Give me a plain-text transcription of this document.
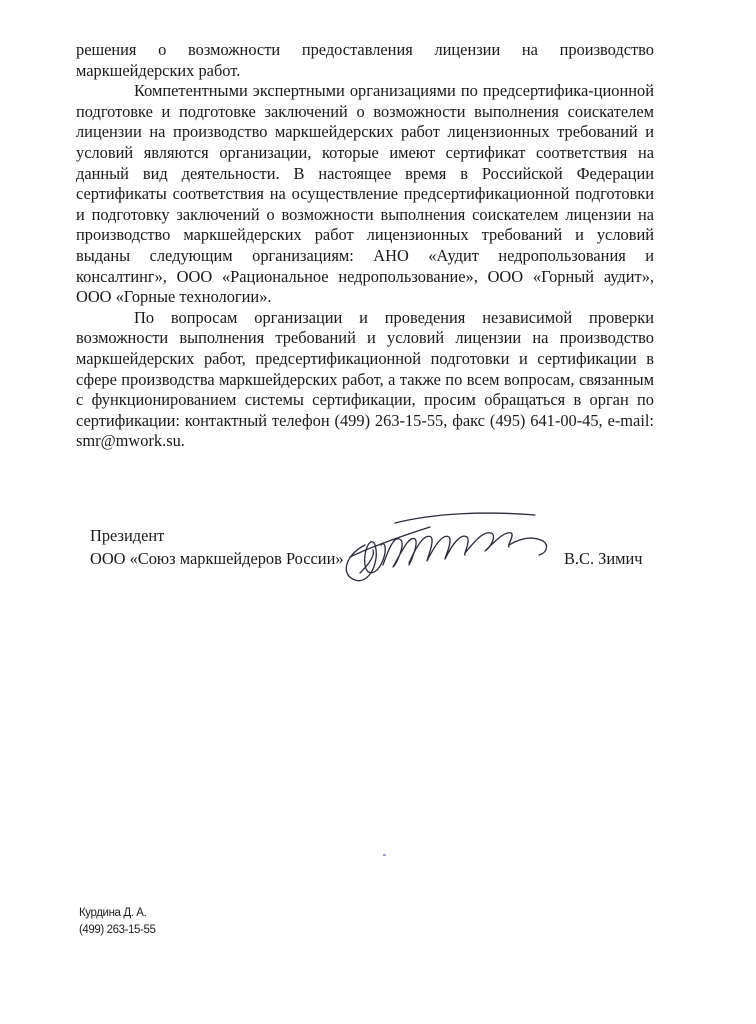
решения о возможности предоставления лицензии на производство маркшейдерских работ.

Компетентными экспертными организациями по предсертифика-ционной подготовке и подготовке заключений о возможности выполнения соискателем лицензии на производство маркшейдерских работ лицензионных требований и условий являются организации, которые имеют сертификат соответствия на данный вид деятельности. В настоящее время в Российской Федерации сертификаты соответствия на осуществление предсертификационной подготовки и подготовку заключений о возможности выполнения соискателем лицензии на производство маркшейдерских работ лицензионных требований и условий выданы следующим организациям: АНО «Аудит недропользования и консалтинг», ООО «Рациональное недропользование», ООО «Горный аудит», ООО «Горные технологии».

По вопросам организации и проведения независимой проверки возможности выполнения требований и условий лицензии на производство маркшейдерских работ, предсертификационной подготовки и сертификации в сфере производства маркшейдерских работ, а также по всем вопросам, связанным с функционированием системы сертификации, просим обращаться в орган по сертификации: контактный телефон (499) 263-15-55, факс (495) 641-00-45, e-mail: smr@mwork.su.

Президент
ООО «Союз маркшейдеров России»	В.С. Зимич
Курдина Д. А.
(499) 263-15-55
